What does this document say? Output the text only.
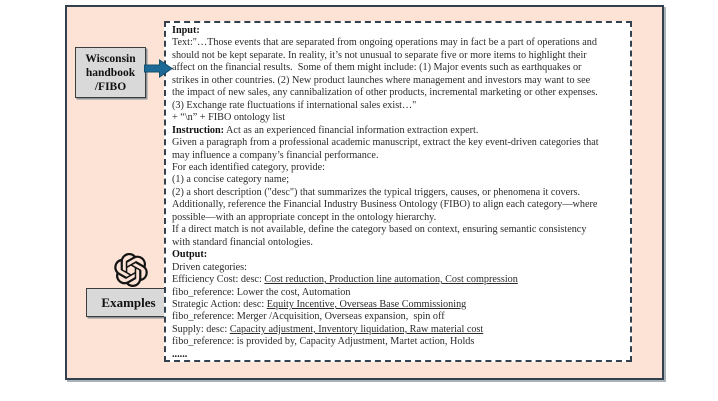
Wisconsin
handbook
/FIBO
Examples
Input:
Text:"…Those events that are separated from ongoing operations may in fact be a part of operations and
should not be kept separate. In reality, it’s not unusual to separate five or more items to highlight their
affect on the financial results.  Some of them might include: (1) Major events such as earthquakes or
strikes in other countries. (2) New product launches where management and investors may want to see
the impact of new sales, any cannibalization of other products, incremental marketing or other expenses.
(3) Exchange rate fluctuations if international sales exist…"
+ “\n” + FIBO ontology list
Instruction: Act as an experienced financial information extraction expert.
Given a paragraph from a professional academic manuscript, extract the key event-driven categories that
may influence a company’s financial performance.
For each identified category, provide:
(1) a concise category name;
(2) a short description ("desc") that summarizes the typical triggers, causes, or phenomena it covers.
Additionally, reference the Financial Industry Business Ontology (FIBO) to align each category—where
possible—with an appropriate concept in the ontology hierarchy.
If a direct match is not available, define the category based on context, ensuring semantic consistency
with standard financial ontologies.
Output:
Driven categories:
Efficiency Cost: desc: Cost reduction, Production line automation, Cost compression
fibo_reference: Lower the cost, Automation
Strategic Action: desc: Equity Incentive, Overseas Base Commissioning
fibo_reference: Merger /Acquisition, Overseas expansion,  spin off
Supply: desc: Capacity adjustment, Inventory liquidation, Raw material cost
fibo_reference: is provided by, Capacity Adjustment, Martet action, Holds
......
